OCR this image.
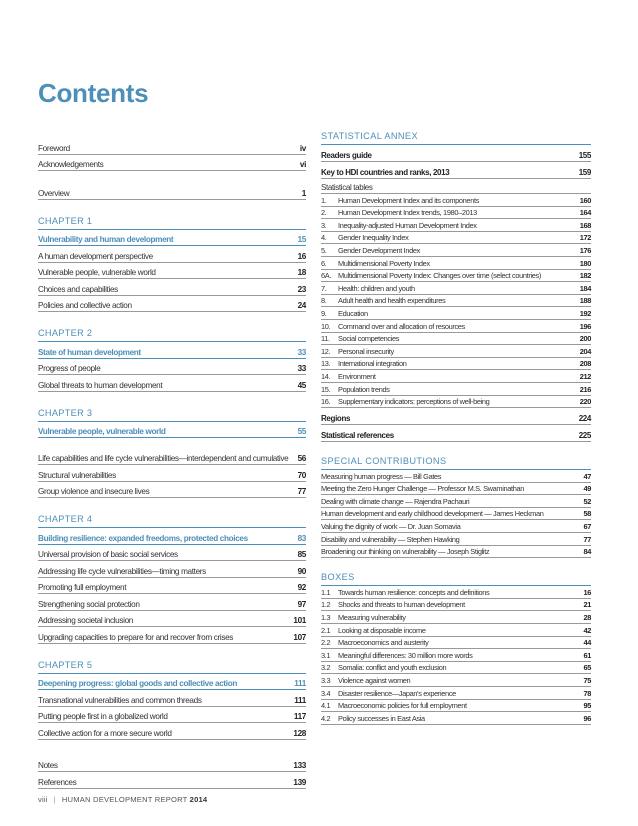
Contents
Foreword	iv
Acknowledgements	vi
Overview	1
CHAPTER 1
Vulnerability and human development	15
A human development perspective	16
Vulnerable people, vulnerable world	18
Choices and capabilities	23
Policies and collective action	24
CHAPTER 2
State of human development	33
Progress of people	33
Global threats to human development	45
CHAPTER 3
Vulnerable people, vulnerable world	55
Life capabilities and life cycle vulnerabilities—interdependent and cumulative	56
Structural vulnerabilities	70
Group violence and insecure lives	77
CHAPTER 4
Building resilience: expanded freedoms, protected choices	83
Universal provision of basic social services	85
Addressing life cycle vulnerabilities—timing matters	90
Promoting full employment	92
Strengthening social protection	97
Addressing societal inclusion	101
Upgrading capacities to prepare for and recover from crises	107
CHAPTER 5
Deepening progress: global goods and collective action	111
Transnational vulnerabilities and common threads	111
Putting people first in a globalized world	117
Collective action for a more secure world	128
Notes	133
References	139
STATISTICAL ANNEX
Readers guide	155
Key to HDI countries and ranks, 2013	159
Statistical tables
1. Human Development Index and its components	160
2. Human Development Index trends, 1980–2013	164
3. Inequality-adjusted Human Development Index	168
4. Gender Inequality Index	172
5. Gender Development Index	176
6. Multidimensional Poverty Index	180
6A. Multidimensional Poverty Index: Changes over time (select countries)	182
7. Health: children and youth	184
8. Adult health and health expenditures	188
9. Education	192
10. Command over and allocation of resources	196
11. Social competencies	200
12. Personal insecurity	204
13. International integration	208
14. Environment	212
15. Population trends	216
16. Supplementary indicators: perceptions of well-being	220
Regions	224
Statistical references	225
SPECIAL CONTRIBUTIONS
Measuring human progress — Bill Gates	47
Meeting the Zero Hunger Challenge — Professor M.S. Swaminathan	49
Dealing with climate change — Rajendra Pachauri	52
Human development and early childhood development — James Heckman	58
Valuing the dignity of work — Dr. Juan Somavia	67
Disability and vulnerability — Stephen Hawking	77
Broadening our thinking on vulnerability — Joseph Stiglitz	84
BOXES
1.1 Towards human resilience: concepts and definitions	16
1.2 Shocks and threats to human development	21
1.3 Measuring vulnerability	28
2.1 Looking at disposable income	42
2.2 Macroeconomics and austerity	44
3.1 Meaningful differences: 30 million more words	61
3.2 Somalia: conflict and youth exclusion	65
3.3 Violence against women	75
3.4 Disaster resilience—Japan's experience	78
4.1 Macroeconomic policies for full employment	95
4.2 Policy successes in East Asia	96
viii | HUMAN DEVELOPMENT REPORT 2014
